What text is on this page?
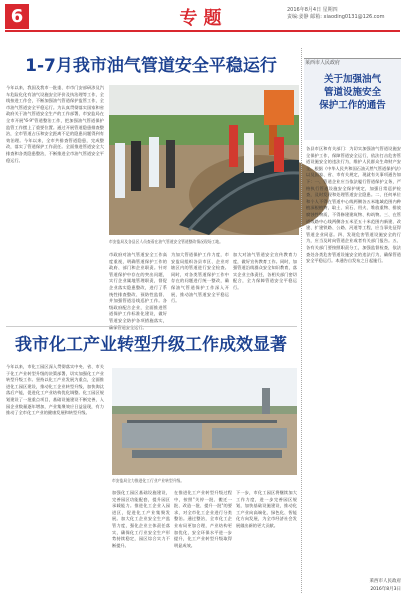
6	专题	2016年8月4日 星期四
责编:姜静 邮箱: xiaoding0131@126.com
1-7月我市油气管道安全平稳运行
今年以来，我国及我市一批重、市市门安部研涉及汽车危险化化有油气设施安全评价及执治理等工作，全线按进工作会，不断加强油气管道保护监管工作，全市油气管道安全平稳运行。为认真贯彻落实国家和省政府关于油气管道安全生产的工作部署，市安监局在全市开展"6·9"管道整治工作，把加强油气管道保护监管工作摆上了重要位置。通过开展管道隐患排查整治，全市管道占压和安全距离不足的隐患问题得到有效治理。今年以来，全市共排查管道隐患，完成整改，落实了管道保护工作责任。全面推进管道安全大排查和各类隐患整治，不断推进全市油气管道安全平稳运行。
市安监局及各县区人员查看在油气管道安全管道整改情况现场工地。
市政府对油气管道安全工作高度重视，明确管道保护工作的政府、部门和企业职责。针对管道保护中存在的突出问题，实行企业属地管理职责，督促企业落实隐患整改，进行了系统性排查整改、预防性监督、并加强管道沿线巡护工作。各级政府配合企业，全面推进管道保护工作标准化建设，做好管道安全防护各项措施落实，确保管道安全运行。
为加大管道保护工作力度，市安监局组织各县市区、企业对辖区内的管道进行安全检查。同时，对各类管道保护工作中存在的问题进行统一整改，确保油气管道保护工作深入开展，推动油气管道安全平稳运行。
加大对油气管道安全宣传教育力度，做好宣传教育工作。同时，加强管道沿线群众安全知识教育，落实企业主体责任，各相关部门密切配合，全力保障管道安全平稳运行。
我市化工产业转型升级工作成效显著
今年以来，市化工园区深入贯彻落实中央、省、市关于化工产业转型升级的决策部署，切实加强化工产业转型升级工作。坚持以化工产业发展为重点，全面推进化工园区建设，推动化工企业转型升级，加快淘汰落后产能，促进化工产业结构优化调整。化工园区规划建设了一批重点项目，基础设施建设不断完善，入园企业数量逐年增加，产业集聚效应日益显现，有力推动了全市化工产业的健康发展和转型升级。
市安监局全力推进化工行业产业转型升级。
加强化工园区基础设施建设，完善园区功能配套，提升园区承载能力。推进化工企业入园进区，促进化工产业集聚发展。加大化工企业安全生产监管力度，强化企业主体责任落实，确保化工行业安全生产形势持续稳定，园区综合实力不断提升。
在推进化工产业转型升级过程中，按照"关停一批、搬迁一批、改造一批、提升一批"的要求，对全市化工企业进行分类整治。通过整治，全市化工企业布局更加合理，产业结构更加优化，安全环保水平进一步提升，化工产业转型升级取得明显成效。
下一步，市化工园区将继续加大工作力度，进一步完善园区规划，加快基础设施建设，推动化工产业向高端化、绿色化、智能化方向发展，为全市经济社会发展做出新的更大贡献。
莱西市人民政府
关于加强油气
管道设施安全
保护工作的通告
各县市区和有关部门：为切实加强油气管道设施安全保护工作，保障管道安全运行，依法打击危害管道设施安全的违法行为，维护人民群众生命财产安全，根据《中华人民共和国石油天然气管道保护法》以及国家、省、市有关规定，现就有关事项通告如下：一、管道企业应当依法履行管道保护义务，严格执行管道设施安全保护规定，加强日常巡护检查，及时发现和处理管道安全隐患。二、任何单位和个人不得在管道中心线两侧各五米地域范围内种植深根植物，取土、采石、用火、堆放重物、排放腐蚀性物质，不得修建建筑物、构筑物。三、在管道线路中心线两侧各五米至五十米范围内新建、改建、扩建铁路、公路、河道等工程，应当事先征得管道企业同意。四、发现危害管道设施安全的行为，应当及时向管道企业或者有关部门报告。五、各有关部门要按照职责分工，加强监督检查，依法查处各类危害管道设施安全的违法行为，确保管道安全平稳运行。本通告自发布之日起施行。
莱西市人民政府
2016年8月3日
